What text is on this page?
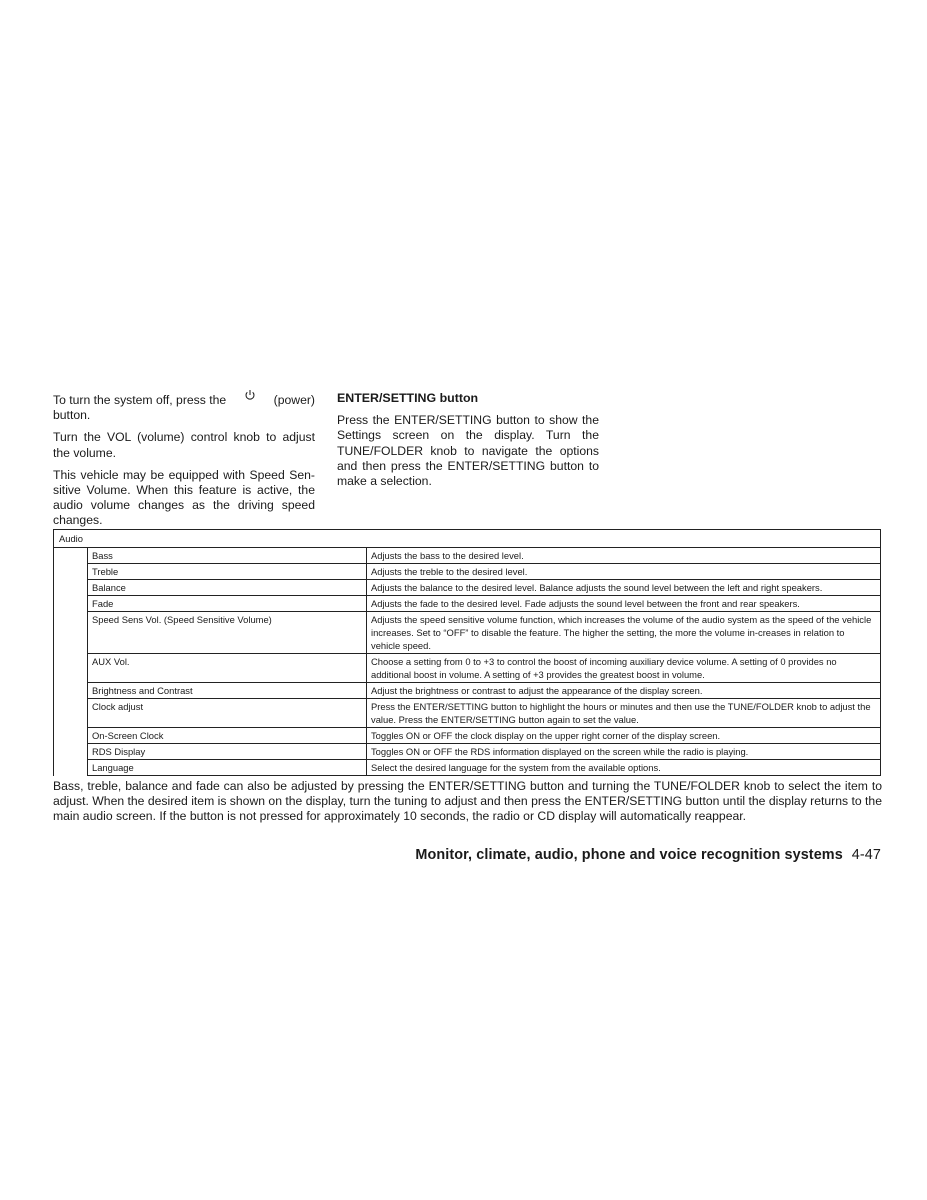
To turn the system off, press the	(power)
button.

Turn the VOL (volume) control knob to adjust the volume.

This vehicle may be equipped with Speed Sen-sitive Volume. When this feature is active, the audio volume changes as the driving speed changes.

ENTER/SETTING button

Press the ENTER/SETTING button to show the Settings screen on the display. Turn the TUNE/FOLDER knob to navigate the options and then press the ENTER/SETTING button to make a selection.

Audio		
	Bass	Adjusts the bass to the desired level.
	Treble	Adjusts the treble to the desired level.
	Balance	Adjusts the balance to the desired level. Balance adjusts the sound level between the left and right speakers.
	Fade	Adjusts the fade to the desired level. Fade adjusts the sound level between the front and rear speakers.
	Speed Sens Vol. (Speed Sensitive Volume)	Adjusts the speed sensitive volume function, which increases the volume of the audio system as the speed of the vehicle increases. Set to “OFF” to disable the feature. The higher the setting, the more the volume in-creases in relation to vehicle speed.
	AUX Vol.	Choose a setting from 0 to +3 to control the boost of incoming auxiliary device volume. A setting of 0 provides no additional boost in volume. A setting of +3 provides the greatest boost in volume.
	Brightness and Contrast	Adjust the brightness or contrast to adjust the appearance of the display screen.
	Clock adjust	Press the ENTER/SETTING button to highlight the hours or minutes and then use the TUNE/FOLDER knob to adjust the value. Press the ENTER/SETTING button again to set the value.
	On-Screen Clock	Toggles ON or OFF the clock display on the upper right corner of the display screen.
	RDS Display	Toggles ON or OFF the RDS information displayed on the screen while the radio is playing.
	Language	Select the desired language for the system from the available options.

Bass, treble, balance and fade can also be adjusted by pressing the ENTER/SETTING button and turning the TUNE/FOLDER knob to select the item to adjust. When the desired item is shown on the display, turn the tuning to adjust and then press the ENTER/SETTING button until the display returns to the main audio screen. If the button is not pressed for approximately 10 seconds, the radio or CD display will automatically reappear.

Monitor, climate, audio, phone and voice recognition systems 4-47
